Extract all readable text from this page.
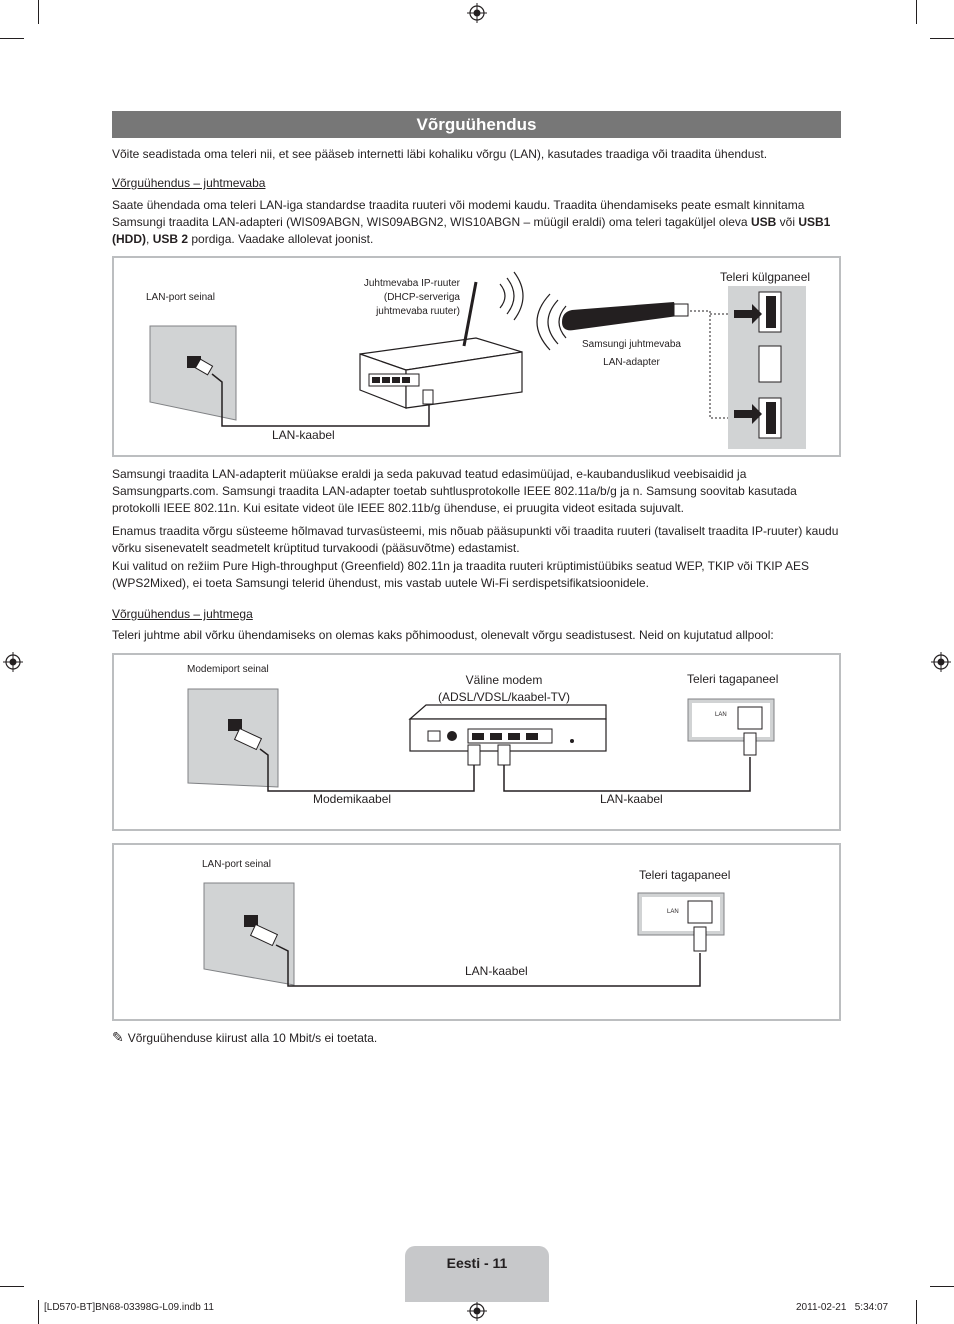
Võrguühendus
Võite seadistada oma teleri nii, et see pääseb internetti läbi kohaliku võrgu (LAN), kasutades traadiga või traadita ühendust.
Võrguühendus – juhtmevaba
Saate ühendada oma teleri LAN-iga standardse traadita ruuteri või modemi kaudu. Traadita ühendamiseks peate esmalt kinnitama Samsungi traadita LAN-adapteri (WIS09ABGN, WIS09ABGN2, WIS10ABGN – müügil eraldi) oma teleri tagaküljel oleva USB või USB1 (HDD), USB 2 pordiga. Vaadake allolevat joonist.
LAN-port seinal
Juhtmevaba IP-ruuter
(DHCP-serveriga
juhtmevaba ruuter)
LAN-kaabel
Samsungi juhtmevaba
LAN-adapter
Teleri külgpaneel
Samsungi traadita LAN-adapterit müüakse eraldi ja seda pakuvad teatud edasimüüjad, e-kaubanduslikud veebisaidid ja Samsungparts.com. Samsungi traadita LAN-adapter toetab suhtlusprotokolle IEEE 802.11a/b/g ja n. Samsung soovitab kasutada protokolli IEEE 802.11n. Kui esitate videot üle IEEE 802.11b/g ühenduse, ei pruugita videot esitada sujuvalt.
Enamus traadita võrgu süsteeme hõlmavad turvasüsteemi, mis nõuab pääsupunkti või traadita ruuteri (tavaliselt traadita IP-ruuter) kaudu võrku sisenevatelt seadmetelt krüptitud turvakoodi (pääsuvõtme) edastamist.
Kui valitud on režiim Pure High-throughput (Greenfield) 802.11n ja traadita ruuteri krüptimistüübiks seatud WEP, TKIP või TKIP AES (WPS2Mixed), ei toeta Samsungi telerid ühendust, mis vastab uutele Wi-Fi serdispetsifikatsioonidele.
Võrguühendus – juhtmega
Teleri juhtme abil võrku ühendamiseks on olemas kaks põhimoodust, olenevalt võrgu seadistusest. Neid on kujutatud allpool:
Modemiport seinal
Väline modem
(ADSL/VDSL/kaabel-TV)
Teleri tagapaneel
LAN
Modemikaabel	LAN-kaabel
LAN-port seinal
Teleri tagapaneel
LAN
LAN-kaabel
✎ Võrguühenduse kiirust alla 10 Mbit/s ei toetata.
Eesti - 11
[LD570-BT]BN68-03398G-L09.indb 11	2011-02-21   5:34:07
